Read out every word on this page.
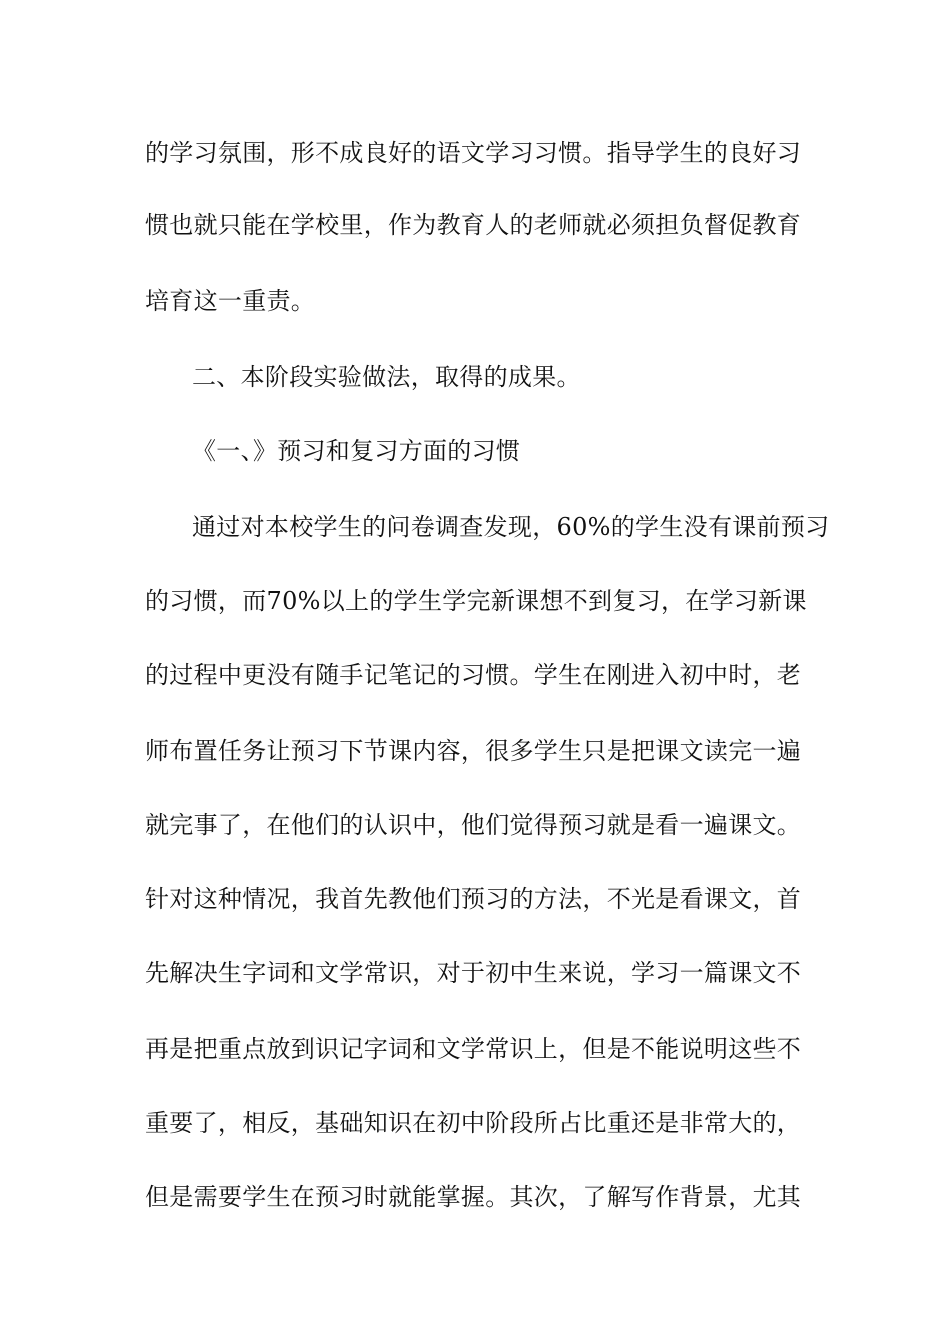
的学习氛围，形不成良好的语文学习习惯。指导学生的良好习
惯也就只能在学校里，作为教育人的老师就必须担负督促教育
培育这一重责。
二、本阶段实验做法，取得的成果。
《一、》预习和复习方面的习惯
通过对本校学生的问卷调查发现，60%的学生没有课前预习
的习惯，而70%以上的学生学完新课想不到复习，在学习新课
的过程中更没有随手记笔记的习惯。学生在刚进入初中时，老
师布置任务让预习下节课内容，很多学生只是把课文读完一遍
就完事了，在他们的认识中，他们觉得预习就是看一遍课文。
针对这种情况，我首先教他们预习的方法，不光是看课文，首
先解决生字词和文学常识，对于初中生来说，学习一篇课文不
再是把重点放到识记字词和文学常识上，但是不能说明这些不
重要了，相反，基础知识在初中阶段所占比重还是非常大的，
但是需要学生在预习时就能掌握。其次，了解写作背景，尤其
